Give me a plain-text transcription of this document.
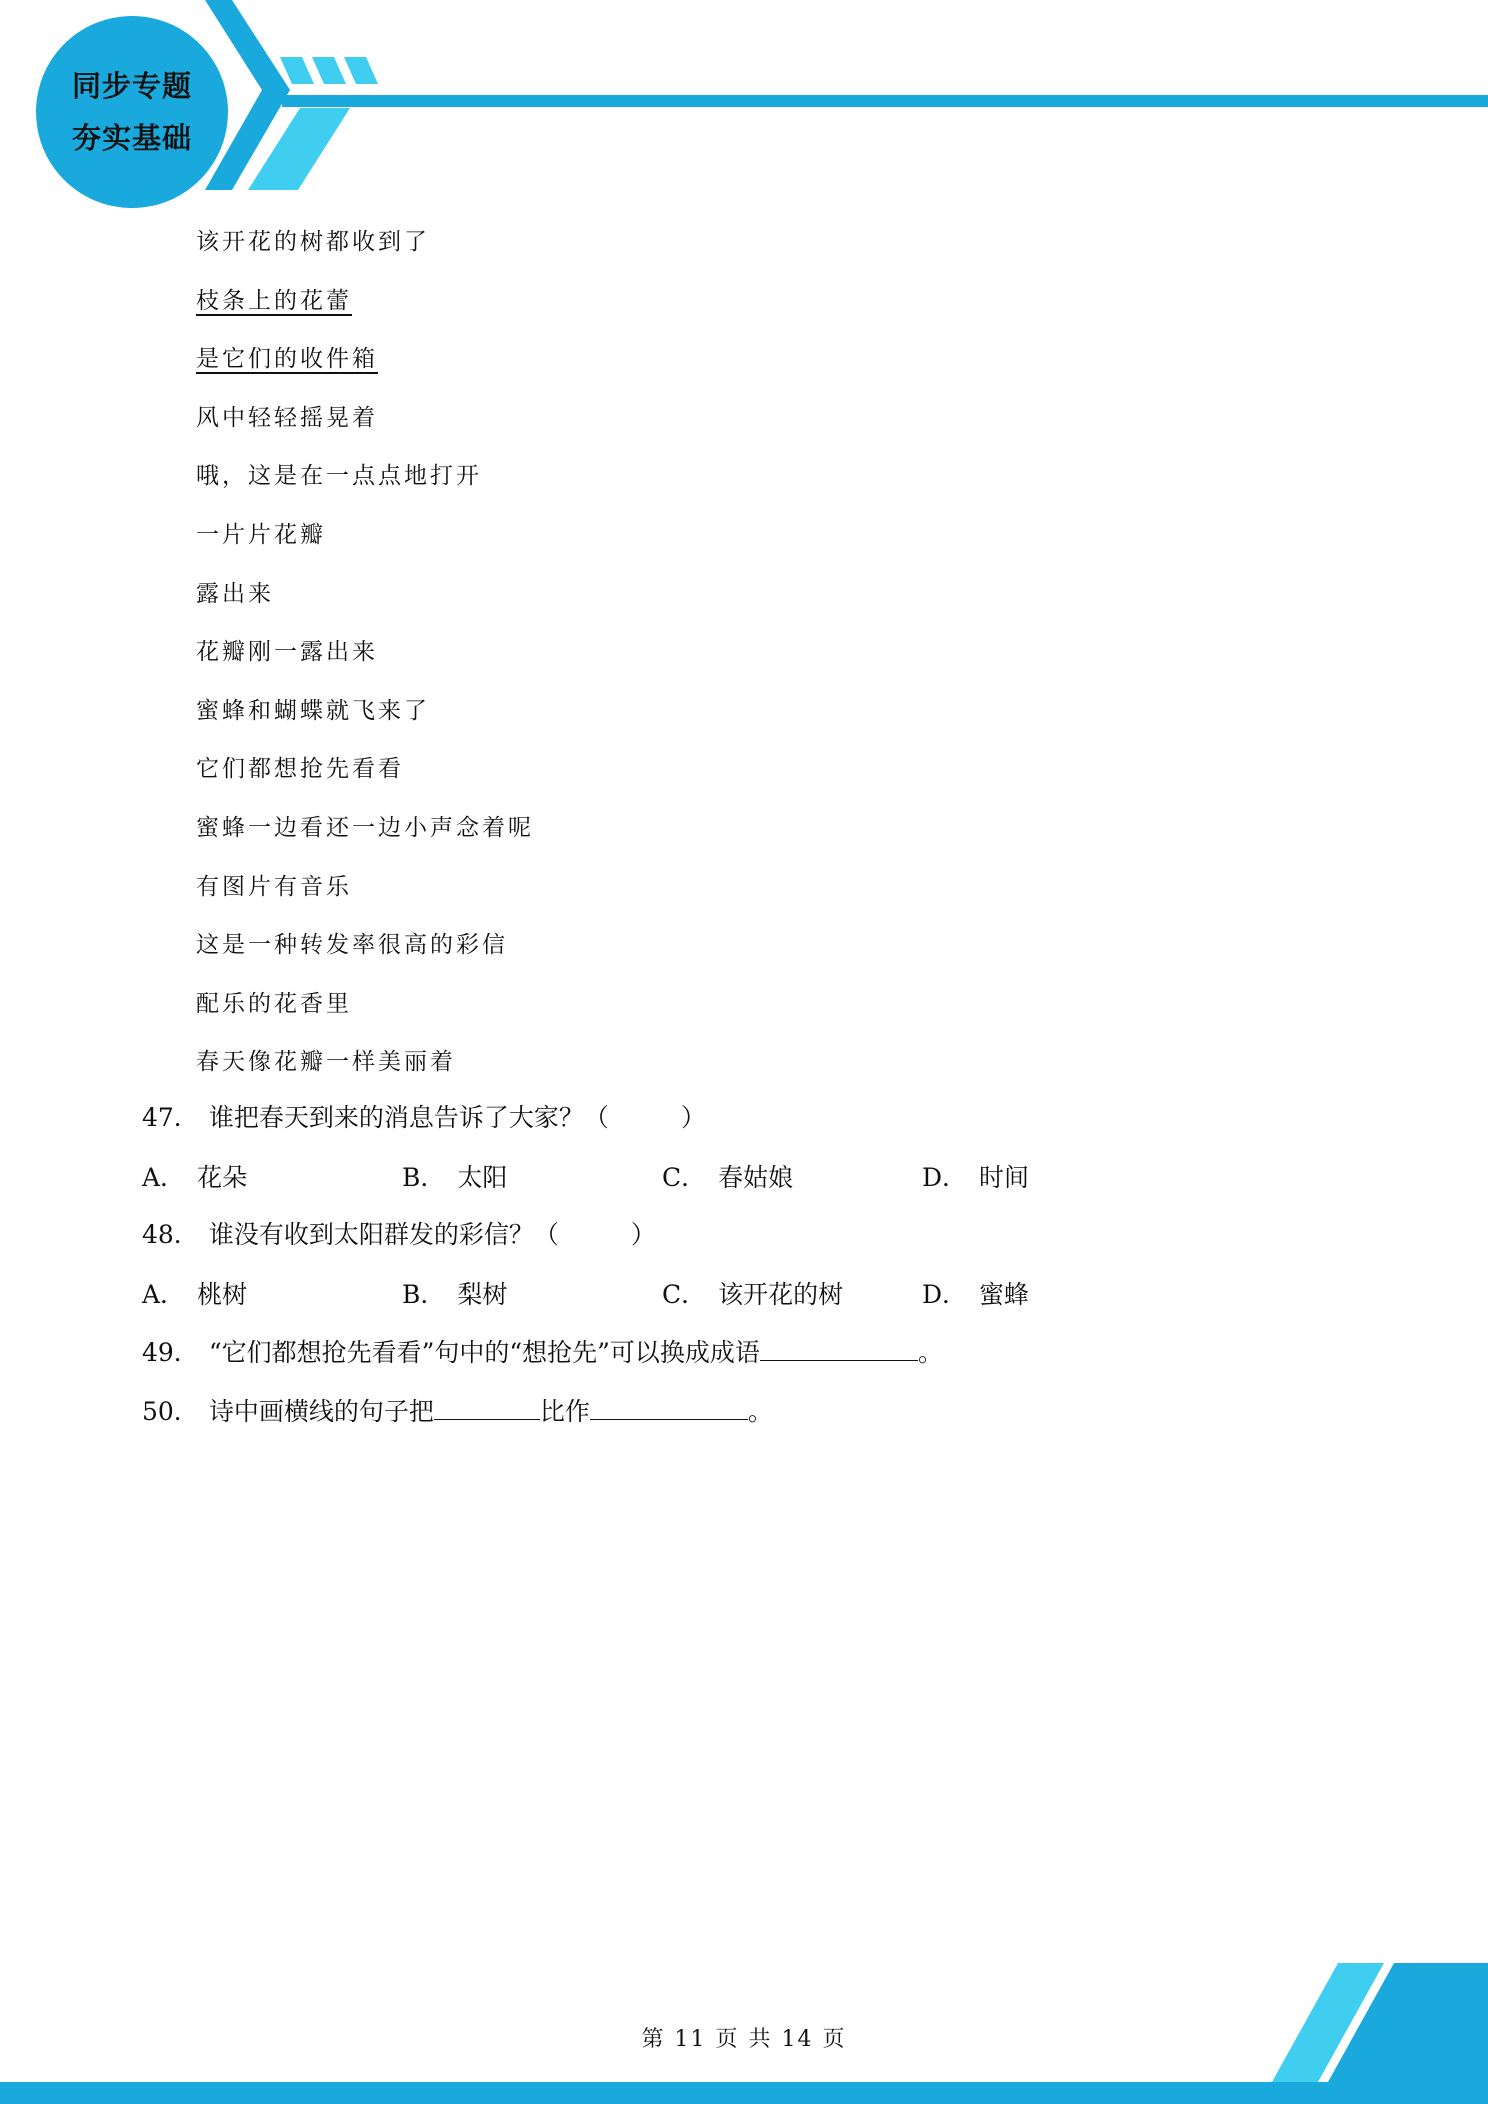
同步专题
夯实基础
该开花的树都收到了
枝条上的花蕾
是它们的收件箱
风中轻轻摇晃着
哦，这是在一点点地打开
一片片花瓣
露出来
花瓣刚一露出来
蜜蜂和蝴蝶就飞来了
它们都想抢先看看
蜜蜂一边看还一边小声念着呢
有图片有音乐
这是一种转发率很高的彩信
配乐的花香里
春天像花瓣一样美丽着
47． 谁把春天到来的消息告诉了大家？（	）
A． 花朵	B． 太阳	C． 春姑娘	D． 时间
48． 谁没有收到太阳群发的彩信？（	）
A． 桃树	B． 梨树	C． 该开花的树	D． 蜜蜂
49． “它们都想抢先看看”句中的“想抢先”可以换成成语	。
50． 诗中画横线的句子把	比作	。
第 11 页 共 14 页
